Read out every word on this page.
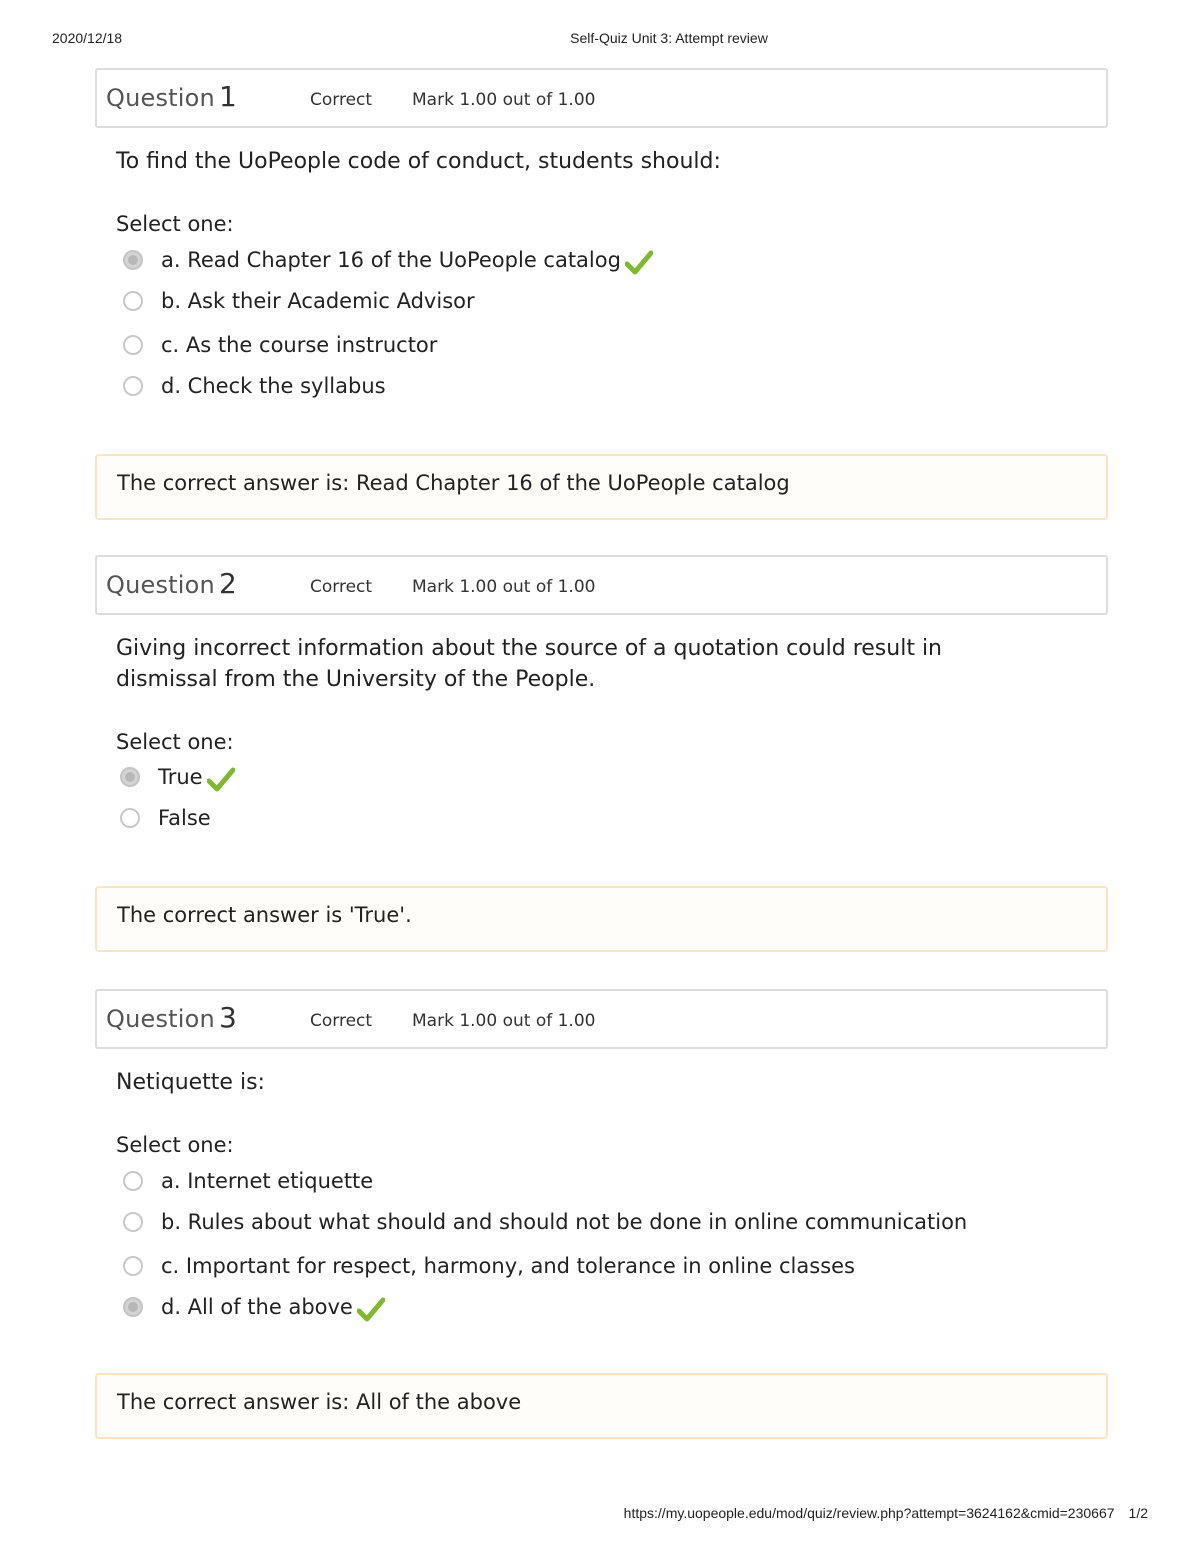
2020/12/18	Self-Quiz Unit 3: Attempt review
Question 1	Correct Mark 1.00 out of 1.00
To find the UoPeople code of conduct, students should:
Select one:
a. Read Chapter 16 of the UoPeople catalog
b. Ask their Academic Advisor
c. As the course instructor
d. Check the syllabus
The correct answer is: Read Chapter 16 of the UoPeople catalog
Question 2	Correct Mark 1.00 out of 1.00
Giving incorrect information about the source of a quotation could result in dismissal from the University of the People.
Select one:
True
False
The correct answer is 'True'.
Question 3	Correct Mark 1.00 out of 1.00
Netiquette is:
Select one:
a. Internet etiquette
b. Rules about what should and should not be done in online communication
c. Important for respect, harmony, and tolerance in online classes
d. All of the above
The correct answer is: All of the above
https://my.uopeople.edu/mod/quiz/review.php?attempt=3624162&cmid=230667 1/2
